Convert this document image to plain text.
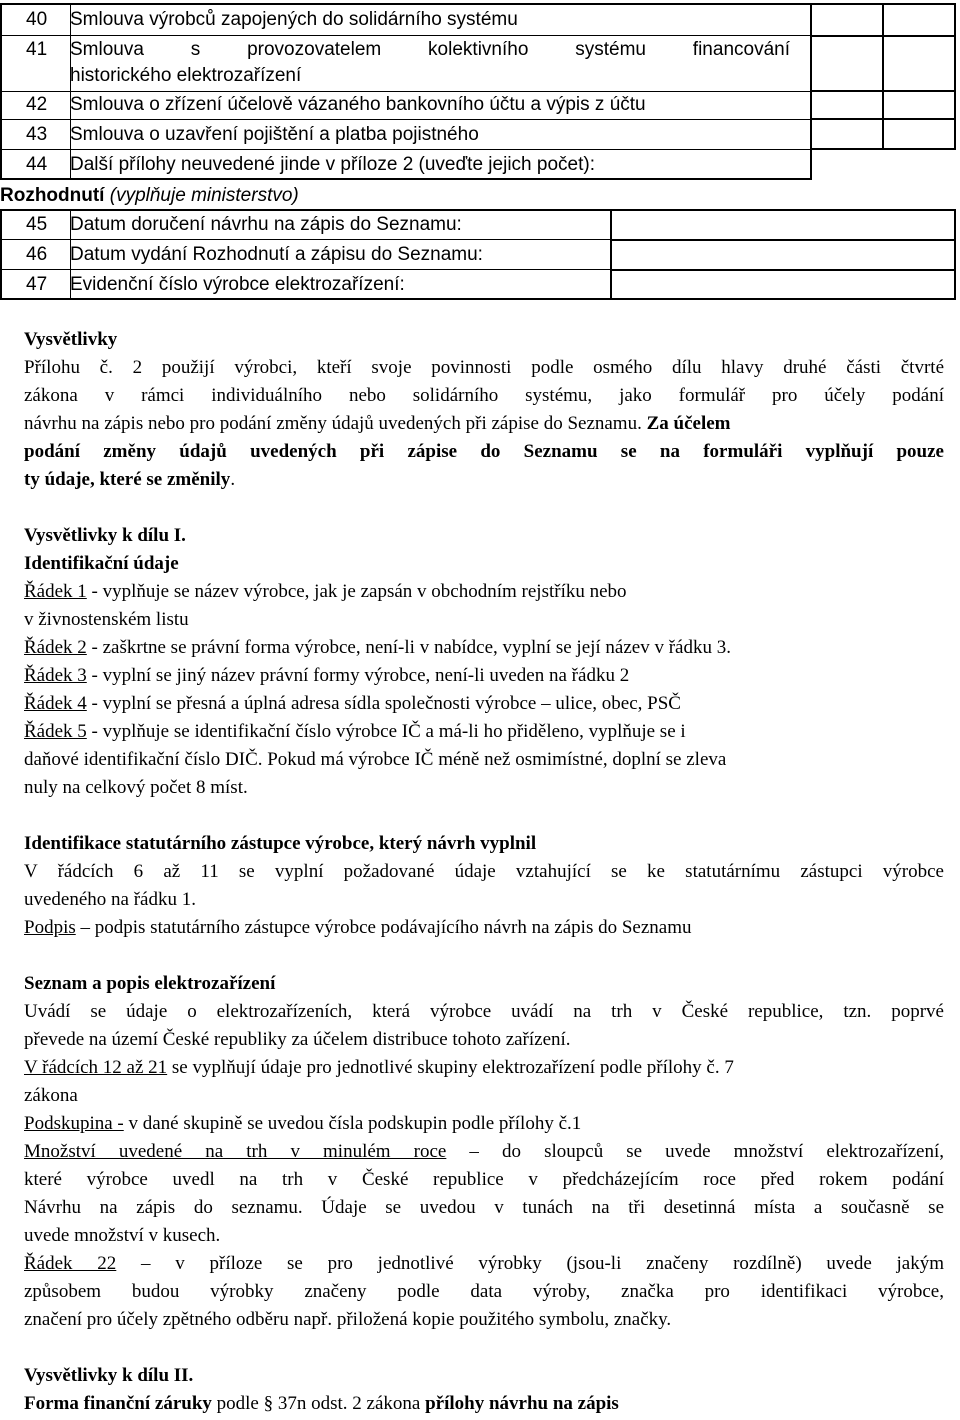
40	Smlouva výrobců zapojených do solidárního systému
41	Smlouva s provozovatelem kolektivního systému financování
historického elektrozařízení
42	Smlouva o zřízení účelově vázaného bankovního účtu a výpis z účtu
43	Smlouva o uzavření pojištění a platba pojistného
44	Další přílohy neuvedené jinde v příloze 2 (uveďte jejich počet):
Rozhodnutí (vyplňuje ministerstvo)
45	Datum doručení návrhu na zápis do Seznamu:
46	Datum vydání Rozhodnutí a zápisu do Seznamu:
47	Evidenční číslo výrobce elektrozařízení:
Vysvětlivky
Přílohu č. 2 použijí výrobci, kteří svoje povinnosti podle osmého dílu hlavy druhé části čtvrté
zákona v rámci individuálního nebo solidárního systému, jako formulář pro účely podání
návrhu na zápis nebo pro podání změny údajů uvedených při zápise do Seznamu. Za účelem
podání změny údajů uvedených při zápise do Seznamu se na formuláři vyplňují pouze
ty údaje, které se změnily.
Vysvětlivky k dílu I.
Identifikační údaje
Řádek 1 - vyplňuje se název výrobce, jak je zapsán v obchodním rejstříku nebo
v živnostenském listu
Řádek 2 - zaškrtne se právní forma výrobce, není-li v nabídce, vyplní se její název v řádku 3.
Řádek 3 - vyplní se jiný název právní formy výrobce, není-li uveden na řádku 2
Řádek 4 - vyplní se přesná a úplná adresa sídla společnosti výrobce – ulice, obec, PSČ
Řádek 5 - vyplňuje se identifikační číslo výrobce IČ a má-li ho přiděleno, vyplňuje se i
daňové identifikační číslo DIČ. Pokud má výrobce IČ méně než osmimístné, doplní se zleva
nuly na celkový počet 8 míst.
Identifikace statutárního zástupce výrobce, který návrh vyplnil
V řádcích 6 až 11 se vyplní požadované údaje vztahující se ke statutárnímu zástupci výrobce
uvedeného na řádku 1.
Podpis – podpis statutárního zástupce výrobce podávajícího návrh na zápis do Seznamu
Seznam a popis elektrozařízení
Uvádí se údaje o elektrozařízeních, která výrobce uvádí na trh v České republice, tzn. poprvé
převede na území České republiky za účelem distribuce tohoto zařízení.
V řádcích 12 až 21 se vyplňují údaje pro jednotlivé skupiny elektrozařízení podle přílohy č. 7
zákona
Podskupina - v dané skupině se uvedou čísla podskupin podle přílohy č.1
Množství uvedené na trh v minulém roce – do sloupců se uvede množství elektrozařízení,
které výrobce uvedl na trh v České republice v předcházejícím roce před rokem podání
Návrhu na zápis do seznamu. Údaje se uvedou v tunách na tři desetinná místa a současně se
uvede množství v kusech.
Řádek 22 – v příloze se pro jednotlivé výrobky (jsou-li značeny rozdílně) uvede jakým
způsobem budou výrobky značeny podle data výroby, značka pro identifikaci výrobce,
značení pro účely zpětného odběru např. přiložená kopie použitého symbolu, značky.
Vysvětlivky k dílu II.
Forma finanční záruky podle § 37n odst. 2 zákona přílohy návrhu na zápis
